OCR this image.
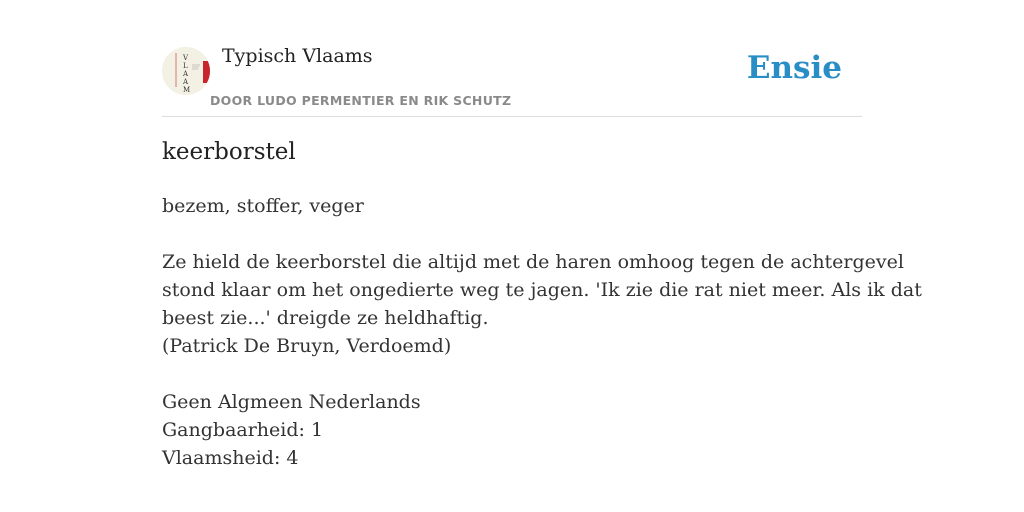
V
L
A
A
M
Typisch Vlaams
DOOR LUDO PERMENTIER EN RIK SCHUTZ
Ensie
keerborstel

bezem, stoffer, veger

Ze hield de keerborstel die altijd met de haren omhoog tegen de achtergevel

stond klaar om het ongedierte weg te jagen. 'Ik zie die rat niet meer. Als ik dat

beest zie...' dreigde ze heldhaftig.

(Patrick De Bruyn, Verdoemd)

Geen Algmeen Nederlands

Gangbaarheid: 1

Vlaamsheid: 4
